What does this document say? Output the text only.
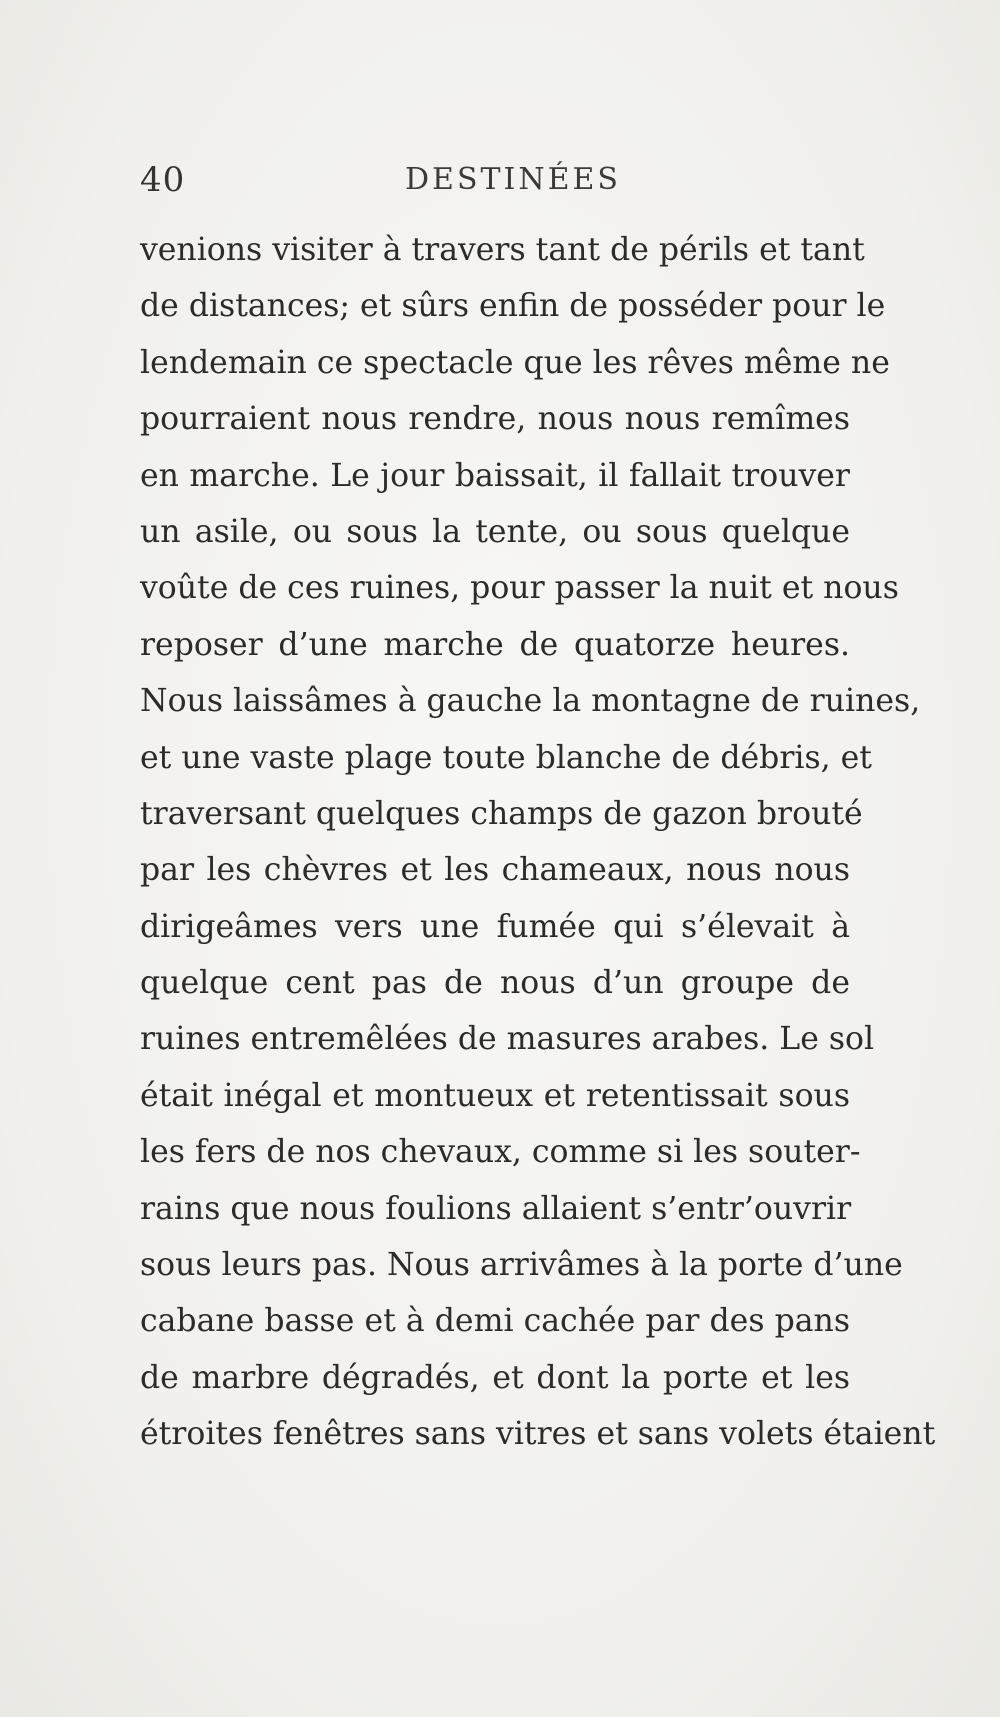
40	DESTINÉES
venions visiter à travers tant de périls et tant
de distances; et sûrs enfin de posséder pour le
lendemain ce spectacle que les rêves même ne
pourraient nous rendre, nous nous remîmes
en marche. Le jour baissait, il fallait trouver
un asile, ou sous la tente, ou sous quelque
voûte de ces ruines, pour passer la nuit et nous
reposer d’une marche de quatorze heures.
Nous laissâmes à gauche la montagne de ruines,
et une vaste plage toute blanche de débris, et
traversant quelques champs de gazon brouté
par les chèvres et les chameaux, nous nous
dirigeâmes vers une fumée qui s’élevait à
quelque cent pas de nous d’un groupe de
ruines entremêlées de masures arabes. Le sol
était inégal et montueux et retentissait sous
les fers de nos chevaux, comme si les souter-
rains que nous foulions allaient s’entr’ouvrir
sous leurs pas. Nous arrivâmes à la porte d’une
cabane basse et à demi cachée par des pans
de marbre dégradés, et dont la porte et les
étroites fenêtres sans vitres et sans volets étaient
